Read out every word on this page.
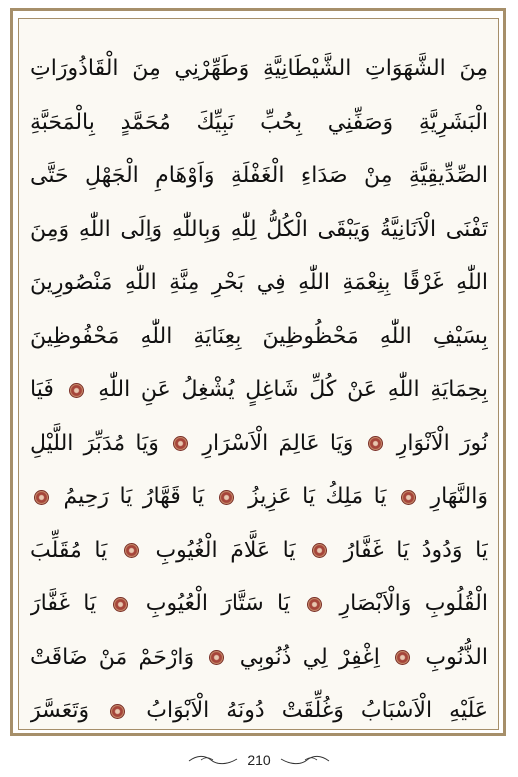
مِنَ الشَّهَوَاتِ الشَّيْطَانِيَّةِ وَطَهِّرْنِي مِنَ الْقَاذُورَاتِ
الْبَشَرِيَّةِ وَصَفِّنِي بِحُبِّ نَبِيِّكَ مُحَمَّدٍ بِالْمَحَبَّةِ
الصِّدِّيقِيَّةِ مِنْ صَدَاءِ الْغَفْلَةِ وَاَوْهَامِ الْجَهْلِ حَتَّى
تَفْنَى الْاَنَانِيَّةُ وَيَبْقَى الْكُلُّ لِلّٰهِ وَبِاللّٰهِ وَاِلَى اللّٰهِ وَمِنَ
اللّٰهِ غَرْقًا بِنِعْمَةِ اللّٰهِ فِي بَحْرِ مِنَّةِ اللّٰهِ مَنْصُورِينَ
بِسَيْفِ اللّٰهِ مَحْظُوظِينَ بِعِنَايَةِ اللّٰهِ مَحْفُوظِينَ
بِحِمَايَةِ اللّٰهِ عَنْ كُلِّ شَاغِلٍ يُشْغِلُ عَنِ اللّٰهِ  فَيَا
نُورَ الْاَنْوَارِ  وَيَا عَالِمَ الْاَسْرَارِ  وَيَا مُدَبِّرَ اللَّيْلِ
وَالنَّهَارِ  يَا مَلِكُ يَا عَزِيزُ  يَا قَهَّارُ يَا رَحِيمُ
يَا وَدُودُ يَا غَفَّارُ  يَا عَلَّامَ الْغُيُوبِ  يَا مُقَلِّبَ
الْقُلُوبِ وَالْاَبْصَارِ  يَا سَتَّارَ الْعُيُوبِ  يَا غَفَّارَ
الذُّنُوبِ  اِغْفِرْ لِي ذُنُوبِي  وَارْحَمْ مَنْ ضَاقَتْ
عَلَيْهِ الْاَسْبَابُ وَغُلِّقَتْ دُونَهُ الْاَبْوَابُ  وَتَعَسَّرَ
210
